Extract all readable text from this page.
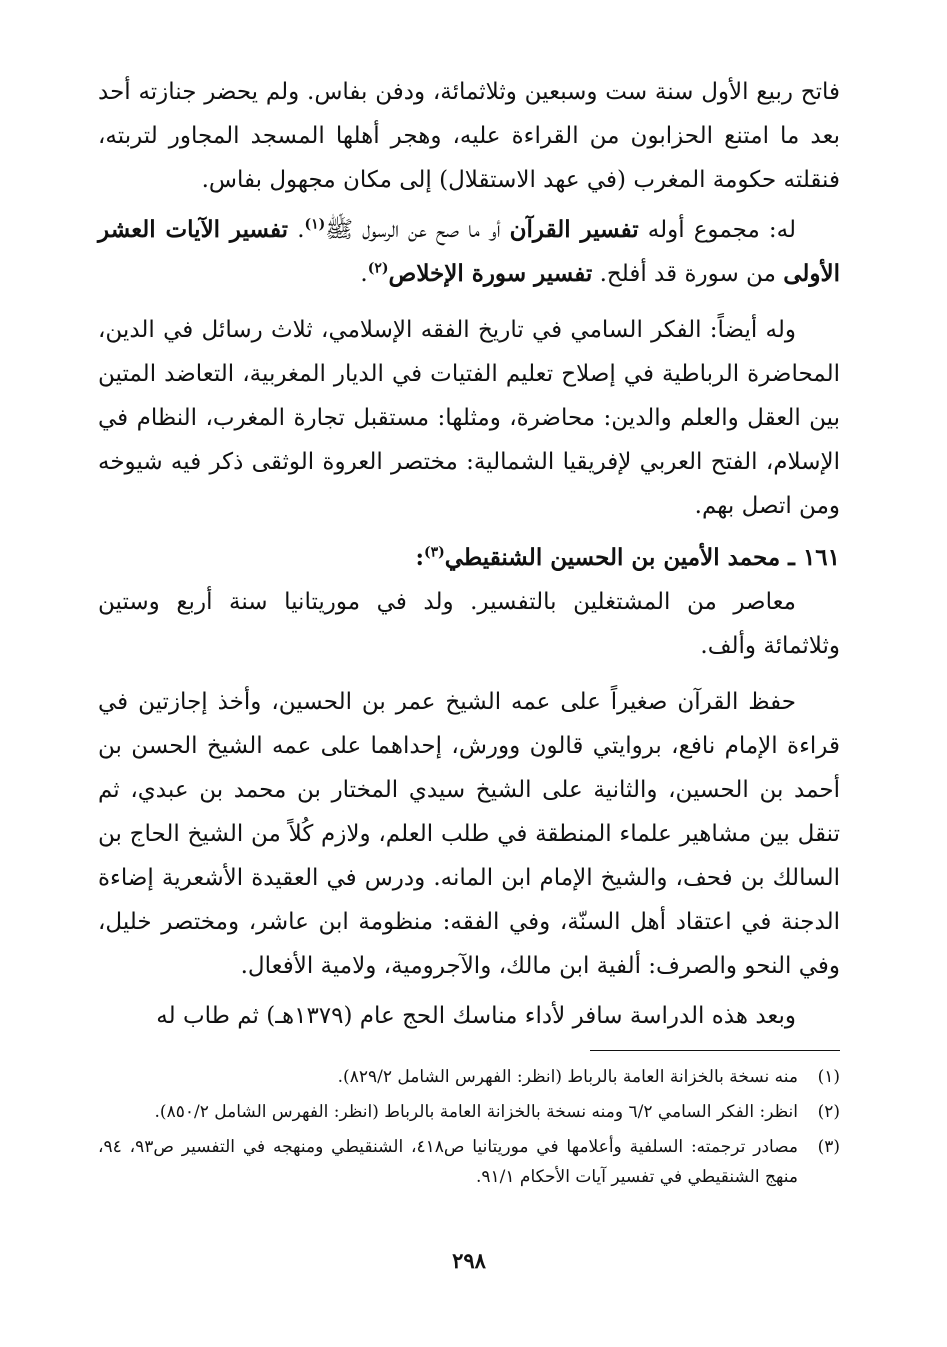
فاتح ربيع الأول سنة ست وسبعين وثلاثمائة، ودفن بفاس. ولم يحضر جنازته أحد بعد ما امتنع الحزابون من القراءة عليه، وهجر أهلها المسجد المجاور لتربته، فنقلته حكومة المغرب (في عهد الاستقلال) إلى مكان مجهول بفاس.

له: مجموع أوله تفسير القرآن أو ما صح عن الرسول ﷺ$^{(١)}$. تفسير الآيات العشر الأولى من سورة قد أفلح. تفسير سورة الإخلاص$^{(٢)}$.

وله أيضاً: الفكر السامي في تاريخ الفقه الإسلامي، ثلاث رسائل في الدين، المحاضرة الرباطية في إصلاح تعليم الفتيات في الديار المغربية، التعاضد المتين بين العقل والعلم والدين: محاضرة، ومثلها: مستقبل تجارة المغرب، النظام في الإسلام، الفتح العربي لإفريقيا الشمالية: مختصر العروة الوثقى ذكر فيه شيوخه ومن اتصل بهم.

١٦١ ـ محمد الأمين بن الحسين الشنقيطي$^{(٣)}$:

معاصر من المشتغلين بالتفسير. ولد في موريتانيا سنة أربع وستين وثلاثمائة وألف.

حفظ القرآن صغيراً على عمه الشيخ عمر بن الحسين، وأخذ إجازتين في قراءة الإمام نافع، بروايتي قالون وورش، إحداهما على عمه الشيخ الحسن بن أحمد بن الحسين، والثانية على الشيخ سيدي المختار بن محمد بن عبدي، ثم تنقل بين مشاهير علماء المنطقة في طلب العلم، ولازم كُلاً من الشيخ الحاج بن السالك بن فحف، والشيخ الإمام ابن المانه. ودرس في العقيدة الأشعرية إضاءة الدجنة في اعتقاد أهل السنّة، وفي الفقه: منظومة ابن عاشر، ومختصر خليل، وفي النحو والصرف: ألفية ابن مالك، والآجرومية، ولامية الأفعال.

وبعد هذه الدراسة سافر لأداء مناسك الحج عام (١٣٧٩هـ) ثم طاب له

(١)
منه نسخة بالخزانة العامة بالرباط (انظر: الفهرس الشامل ٨٢٩/٢).
(٢)
انظر: الفكر السامي ٦/٢ ومنه نسخة بالخزانة العامة بالرباط (انظر: الفهرس الشامل ٨٥٠/٢).
(٣)
مصادر ترجمته: السلفية وأعلامها في موريتانيا ص٤١٨، الشنقيطي ومنهجه في التفسير ص٩٣، ٩٤، منهج الشنقيطي في تفسير آيات الأحكام ٩١/١.
٢٩٨
